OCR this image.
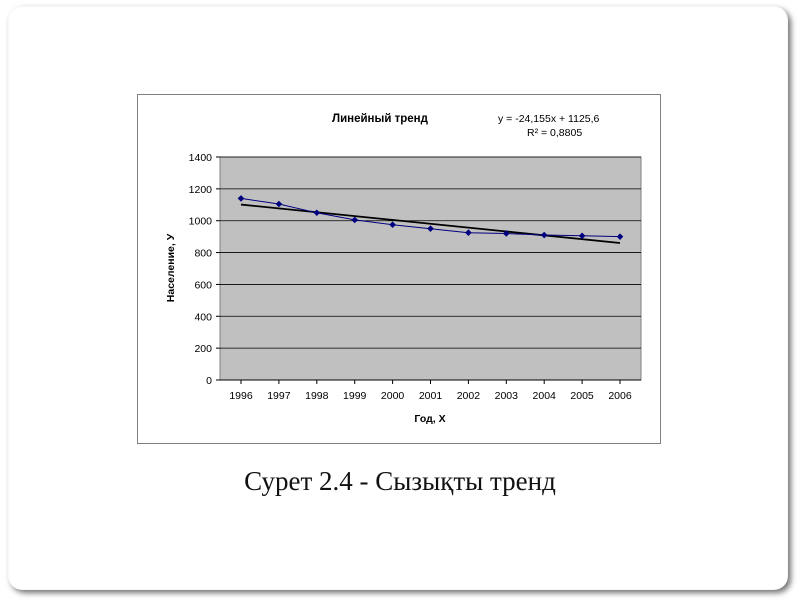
Линейный тренд	y = -24,155x + 1125,6
R² = 0,8805
0
200
400
600
800
1000
1200
1400
1996 1997 1998 1999 2000 2001 2002 2003 2004 2005 2006
Год, X
Население, У
Сурет 2.4 - Сызықты тренд
